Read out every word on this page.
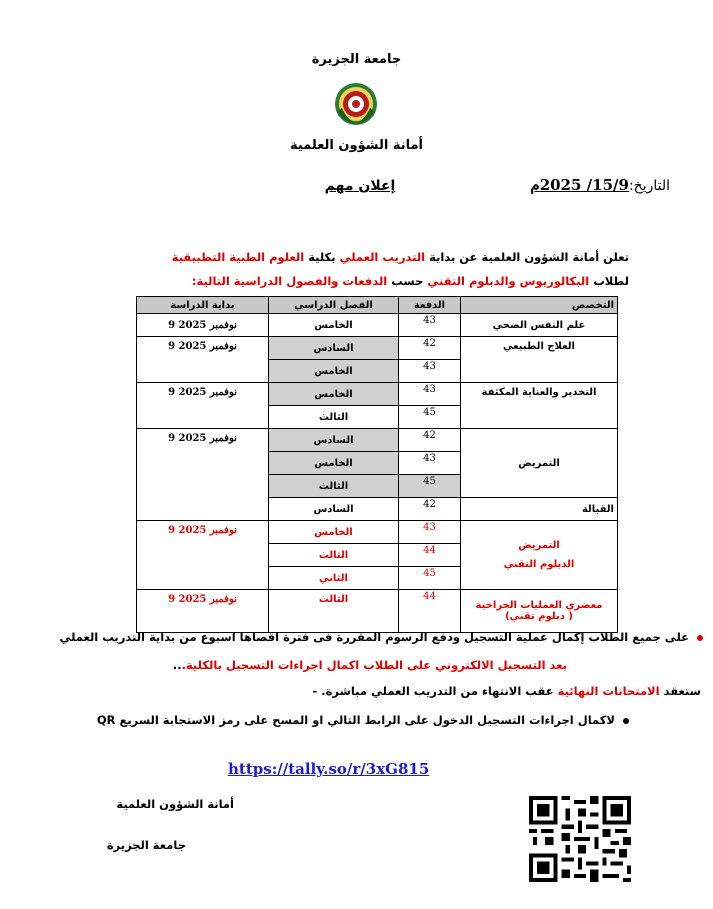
جامعة الجزيرة
أمانة الشؤون العلمية
التاريخ:15/9/ 2025م
إعلان مهم
تعلن أمانة الشؤون العلمية عن بداية التدريب العملي بكلية العلوم الطبية التطبيقية
لطلاب البكالوريوس والدبلوم التقني حسب الدفعات والفصول الدراسية التالية:
بداية الدراسة	الفصل الدراسي	الدفعة	التخصص
9 نوفمبر 2025	الخامس	43	علم النفس الصحي
9 نوفمبر 2025	السادس	42	العلاج الطبيعي
	الخامس	43	
9 نوفمبر 2025	الخامس	43	التخدير والعناية المكثفة
	الثالث	45	
9 نوفمبر 2025	السادس	42	التمريض
	الخامس	43	
	الثالث	45	
	السادس	42	القبالة
9 نوفمبر 2025	الخامس	43	التمريض
الدبلوم التقني

	الثالث	44	
	الثاني	45	
9 نوفمبر 2025	الثالث	44	معضري العمليات الجراحية
(دبلوم تقني )
على جميع الطلاب إكمال عملية التسجيل ودفع الرسوم المقررة فى فترة اقصاها اسبوع من بداية التدريب العملي
بعد التسجيل الالكتروني على الطلاب اكمال اجراءات التسجيل بالكلية...
ستعقد الامتحانات النهائية عقب الانتهاء من التدريب العملي مباشرة. -
لاكمال اجراءات التسجيل الدخول على الرابط التالي او المسح على رمز الاستجابة السريع QR
https://tally.so/r/3xG815
أمانة الشؤون العلمية
جامعة الجزيرة
